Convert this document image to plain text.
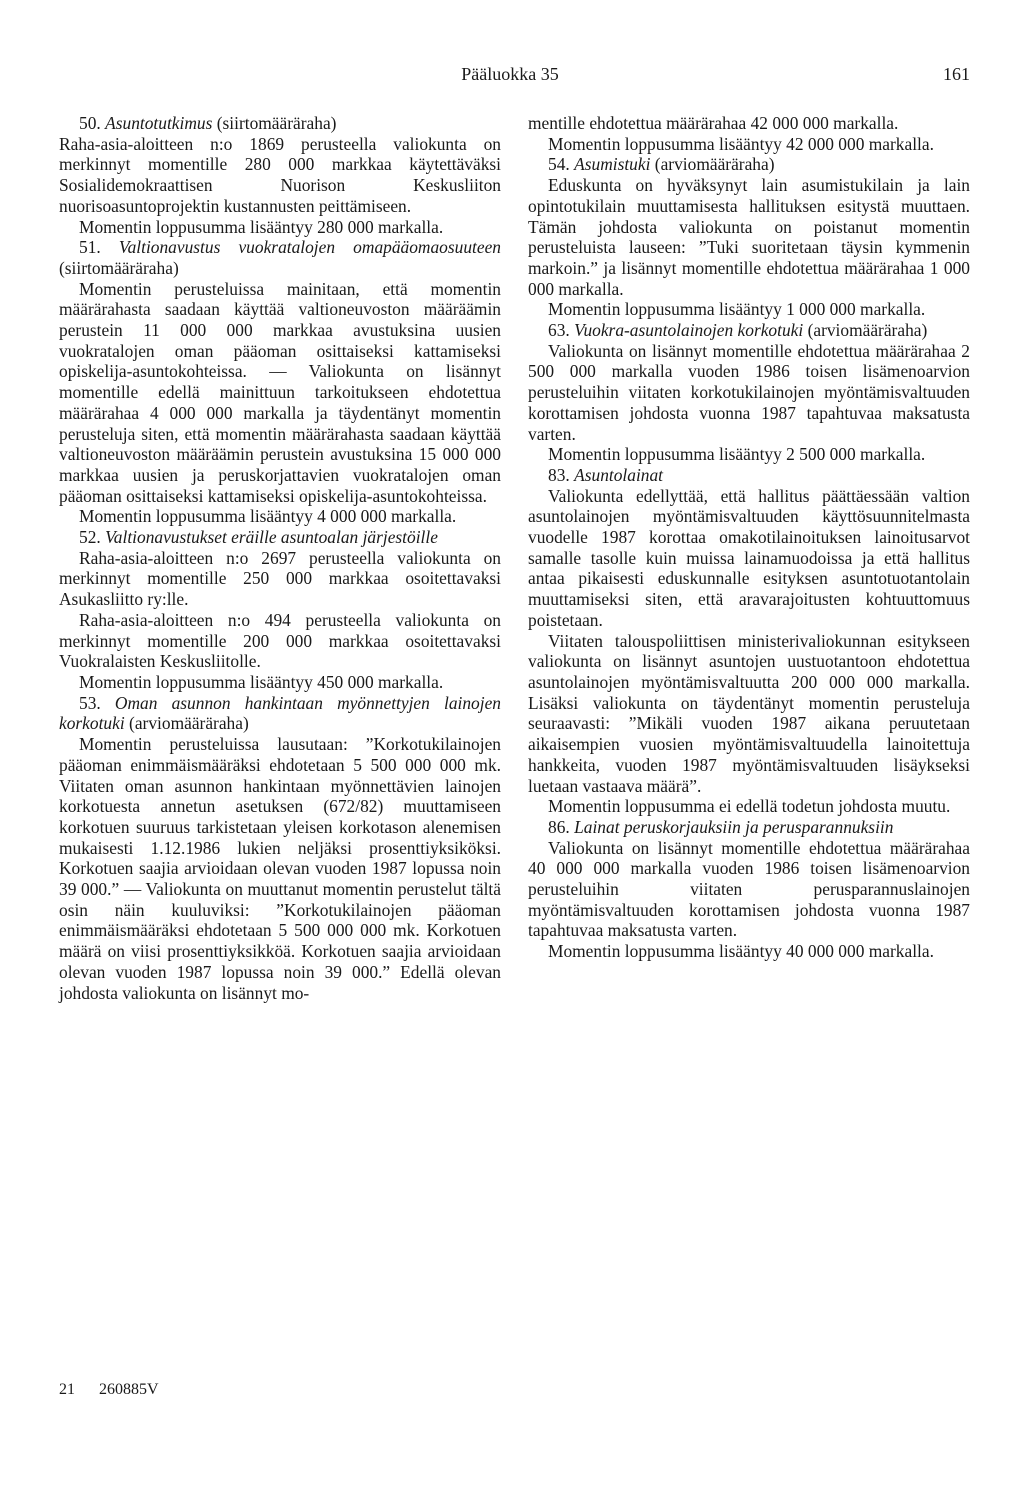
Pääluokka 35	161

50. Asuntotutkimus (siirtomääräraha)

Raha-asia-aloitteen n:o 1869 perusteella valiokunta on merkinnyt momentille 280 000 markkaa käytettäväksi Sosialidemokraattisen Nuorison Keskusliiton nuorisoasuntoprojektin kustannusten peittämiseen.

Momentin loppusumma lisääntyy 280 000 markalla.

51. Valtionavustus vuokratalojen omapääomaosuuteen (siirtomääräraha)

Momentin perusteluissa mainitaan, että momentin määrärahasta saadaan käyttää valtioneuvoston määräämin perustein 11 000 000 markkaa avustuksina uusien vuokratalojen oman pääoman osittaiseksi kattamiseksi opiskelija-asuntokohteissa. — Valiokunta on lisännyt momentille edellä mainittuun tarkoitukseen ehdotettua määrärahaa 4 000 000 markalla ja täydentänyt momentin perusteluja siten, että momentin määrärahasta saadaan käyttää valtioneuvoston määräämin perustein avustuksina 15 000 000 markkaa uusien ja peruskorjattavien vuokratalojen oman pääoman osittaiseksi kattamiseksi opiskelija-asuntokohteissa.

Momentin loppusumma lisääntyy 4 000 000 markalla.

52. Valtionavustukset eräille asuntoalan järjestöille

Raha-asia-aloitteen n:o 2697 perusteella valiokunta on merkinnyt momentille 250 000 markkaa osoitettavaksi Asukasliitto ry:lle.

Raha-asia-aloitteen n:o 494 perusteella valiokunta on merkinnyt momentille 200 000 markkaa osoitettavaksi Vuokralaisten Keskusliitolle.

Momentin loppusumma lisääntyy 450 000 markalla.

53. Oman asunnon hankintaan myönnettyjen lainojen korkotuki (arviomääräraha)

Momentin perusteluissa lausutaan: ”Korkotukilainojen pääoman enimmäismääräksi ehdotetaan 5 500 000 000 mk. Viitaten oman asunnon hankintaan myönnettävien lainojen korkotuesta annetun asetuksen (672/82) muuttamiseen korkotuen suuruus tarkistetaan yleisen korkotason alenemisen mukaisesti 1.12.1986 lukien neljäksi prosenttiyksiköksi. Korkotuen saajia arvioidaan olevan vuoden 1987 lopussa noin 39 000.” — Valiokunta on muuttanut momentin perustelut tältä osin näin kuuluviksi: ”Korkotukilainojen pääoman enimmäismääräksi ehdotetaan 5 500 000 000 mk. Korkotuen määrä on viisi prosenttiyksikköä. Korkotuen saajia arvioidaan olevan vuoden 1987 lopussa noin 39 000.” Edellä olevan johdosta valiokunta on lisännyt mo-

mentille ehdotettua määrärahaa 42 000 000 markalla.

Momentin loppusumma lisääntyy 42 000 000 markalla.

54. Asumistuki (arviomääräraha)

Eduskunta on hyväksynyt lain asumistukilain ja lain opintotukilain muuttamisesta hallituksen esitystä muuttaen. Tämän johdosta valiokunta on poistanut momentin perusteluista lauseen: ”Tuki suoritetaan täysin kymmenin markoin.” ja lisännyt momentille ehdotettua määrärahaa 1 000 000 markalla.

Momentin loppusumma lisääntyy 1 000 000 markalla.

63. Vuokra-asuntolainojen korkotuki (arviomääräraha)

Valiokunta on lisännyt momentille ehdotettua määrärahaa 2 500 000 markalla vuoden 1986 toisen lisämenoarvion perusteluihin viitaten korkotukilainojen myöntämisvaltuuden korottamisen johdosta vuonna 1987 tapahtuvaa maksatusta varten.

Momentin loppusumma lisääntyy 2 500 000 markalla.

83. Asuntolainat

Valiokunta edellyttää, että hallitus päättäessään valtion asuntolainojen myöntämisvaltuuden käyttösuunnitelmasta vuodelle 1987 korottaa omakotilainoituksen lainoitusarvot samalle tasolle kuin muissa lainamuodoissa ja että hallitus antaa pikaisesti eduskunnalle esityksen asuntotuotantolain muuttamiseksi siten, että aravarajoitusten kohtuuttomuus poistetaan.

Viitaten talouspoliittisen ministerivaliokunnan esitykseen valiokunta on lisännyt asuntojen uustuotantoon ehdotettua asuntolainojen myöntämisvaltuutta 200 000 000 markalla. Lisäksi valiokunta on täydentänyt momentin perusteluja seuraavasti: ”Mikäli vuoden 1987 aikana peruutetaan aikaisempien vuosien myöntämisvaltuudella lainoitettuja hankkeita, vuoden 1987 myöntämisvaltuuden lisäykseksi luetaan vastaava määrä”.

Momentin loppusumma ei edellä todetun johdosta muutu.

86. Lainat peruskorjauksiin ja perusparannuksiin

Valiokunta on lisännyt momentille ehdotettua määrärahaa 40 000 000 markalla vuoden 1986 toisen lisämenoarvion perusteluihin viitaten perusparannuslainojen myöntämisvaltuuden korottamisen johdosta vuonna 1987 tapahtuvaa maksatusta varten.

Momentin loppusumma lisääntyy 40 000 000 markalla.

21 260885V
